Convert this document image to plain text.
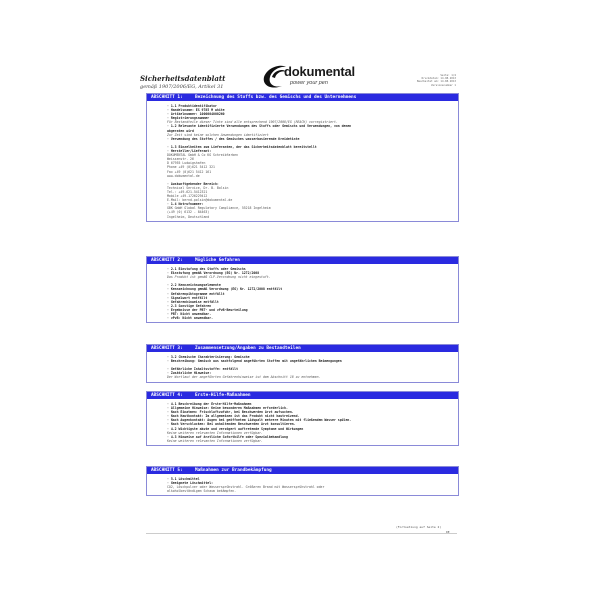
Sicherheitsdatenblatt
gemäß 1907/2006/EG, Artikel 31
dokumental
power your pen
Seite: 1/4
Druckdatum: 14.08.2013
Bearbeitet am: 14.08.2013
Versionsnummer 1
ABSCHNITT 1:	Bezeichnung des Stoffs bzw. des Gemischs und des Unternehmens
· 1.1 Produktidentifikator
· Handelsname: ES 9785 M white
· Artikelnummer: 1000004000260
· Registrierungsnummer
Für Bestandteile dieser Tinte sind alle entsprechend 1907/2006/EG (REACH) vorregistriert.
· 1.2 Relevante identifizierte Verwendungen des Stoffs oder Gemischs und Verwendungen, von denen
abgeraten wird
Zur Zeit sind keine solchen Anwendungen identifiziert
· Verwendung des Stoffes / des Gemisches wasserbasierende Kreidetinte

· 1.3 Einzelheiten zum Lieferanten, der das Sicherheitsdatenblatt bereitstellt
· Hersteller/Lieferant:
DOKUMENTAL GmbH & Co KG Schreibfarben
Weissenstr. 26
D 67955 Ludwigshafen
Phone +49 (0)621 5412 321
Fax +49 (0)621 5412 161
www.dokumental.de

· Auskunftgebender Bereich:
Technical Service, Dr. B. Bolsin
Tel.: +49-621-5412321
Mobile +49-1726229412
E-Mail: bernd.polsin@dokumental.de
· 1.4 Notrufnummer:
GBK GmbH Global Regulatory Compliance, 55218 Ingelheim
(+49 (0) 6132 - 84463)
Ingelheim, Deutschland
ABSCHNITT 2:	Mögliche Gefahren
· 2.1 Einstufung des Stoffs oder Gemischs
· Einstufung gemäß Verordnung (EG) Nr. 1272/2008
Das Produkt ist gemäß CLP-Verordnung nicht eingestuft.

· 2.2 Kennzeichnungselemente
· Kennzeichnung gemäß Verordnung (EG) Nr. 1272/2008 entfällt
· Gefahrenpiktogramme entfällt
· Signalwort entfällt
· Gefahrenhinweise entfällt
· 2.3 Sonstige Gefahren
· Ergebnisse der PBT- und vPvB-Beurteilung
· PBT: Nicht anwendbar.
· vPvB: Nicht anwendbar.
ABSCHNITT 3:	Zusammensetzung/Angaben zu Bestandteilen
· 3.2 Chemische Charakterisierung: Gemische
· Beschreibung: Gemisch aus nachfolgend angeführten Stoffen mit ungefährlichen Beimengungen

· Gefährliche Inhaltsstoffe: entfällt
· Zusätzliche Hinweise:
Der Wortlaut der angeführten Gefahrenhinweise ist dem Abschnitt 16 zu entnehmen.
ABSCHNITT 4:	Erste-Hilfe-Maßnahmen
· 4.1 Beschreibung der Erste-Hilfe-Maßnahmen
· Allgemeine Hinweise: Keine besonderen Maßnahmen erforderlich.
· Nach Einatmen: Frischluftzufuhr, bei Beschwerden Arzt aufsuchen.
· Nach Hautkontakt: Im allgemeinen ist das Produkt nicht hautreizend.
· Nach Augenkontakt: Augen bei geöffnetem Lidspalt mehrere Minuten mit fließendem Wasser spülen.
· Nach Verschlucken: Bei anhaltenden Beschwerden Arzt konsultieren.
· 4.2 Wichtigste akute und verzögert auftretende Symptome und Wirkungen
Keine weiteren relevanten Informationen verfügbar.
· 4.3 Hinweise auf ärztliche Soforthilfe oder Spezialbehandlung
Keine weiteren relevanten Informationen verfügbar.
ABSCHNITT 5:	Maßnahmen zur Brandbekämpfung
· 5.1 Löschmittel
· Geeignete Löschmittel:
CO2, Löschpulver oder Wassersprühstrahl. Größeren Brand mit Wassersprühstrahl oder
alkoholbeständigem Schaum bekämpfen.
(Fortsetzung auf Seite 2)
DE
